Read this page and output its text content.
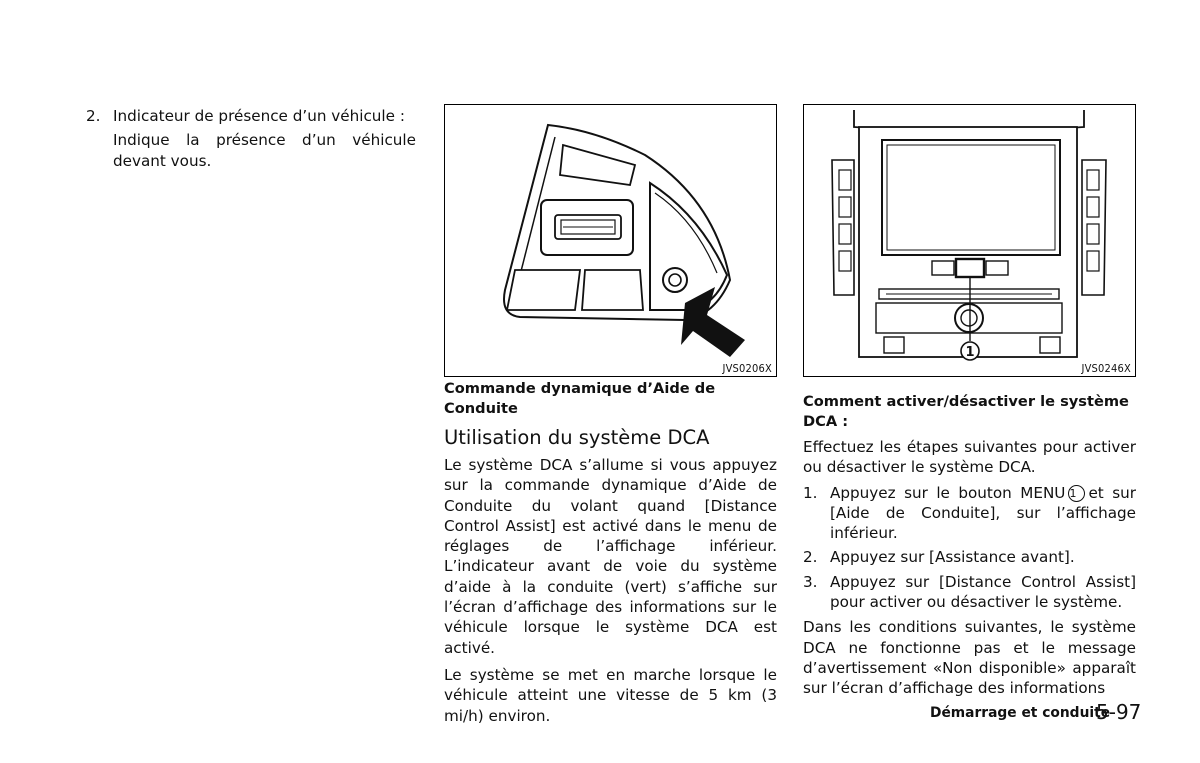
2. Indicateur de présence d’un véhicule :

Indique la présence d’un véhicule devant vous.

JVS0206X
1
JVS0246X

Commande dynamique d’Aide de Conduite

Utilisation du système DCA

Le système DCA s’allume si vous appuyez sur la commande dynamique d’Aide de Conduite du volant quand [Distance Control Assist] est activé dans le menu de réglages de l’affichage inférieur. L’indicateur avant de voie du système d’aide à la conduite (vert) s’affiche sur l’écran d’affichage des informations sur le véhicule lorsque le système DCA est activé.

Le système se met en marche lorsque le véhicule atteint une vitesse de 5 km (3 mi/h) environ.

Comment activer/désactiver le système DCA :

Effectuez les étapes suivantes pour activer ou désactiver le système DCA.

1. Appuyez sur le bouton MENU 1 et sur [Aide de Conduite], sur l’affichage inférieur.

2. Appuyez sur [Assistance avant].

3. Appuyez sur [Distance Control Assist] pour activer ou désactiver le système.

Dans les conditions suivantes, le système DCA ne fonctionne pas et le message d’avertissement «Non disponible» apparaît sur l’écran d’affichage des informations

Démarrage et conduite
5-97
